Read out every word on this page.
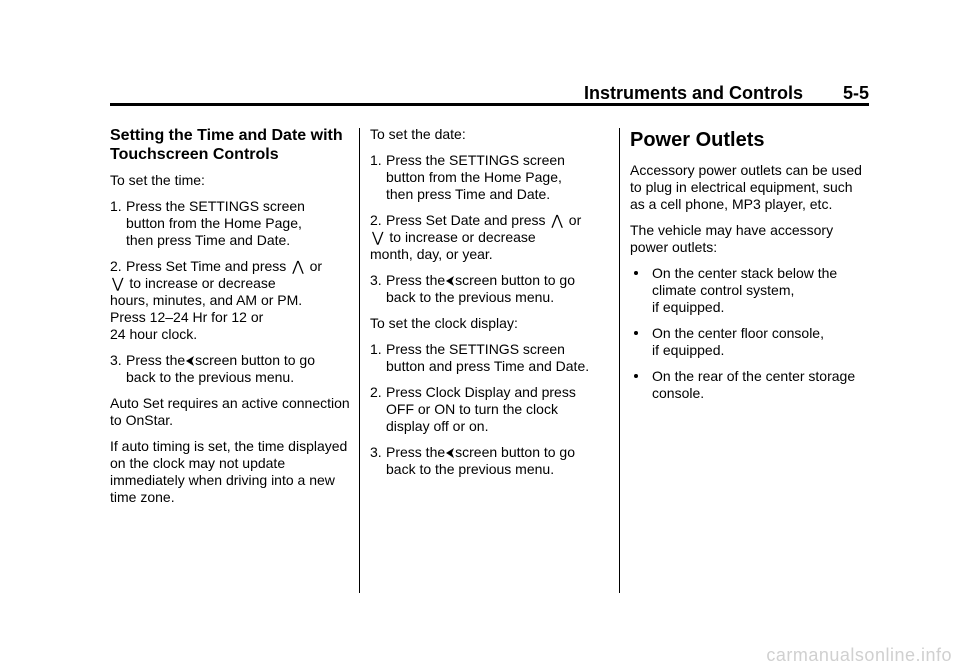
Instruments and Controls 5-5
Setting the Time and Date with
Touchscreen Controls

To set the time:

1. Press the SETTINGS screen
button from the Home Page,
then press Time and Date.
2. Press Set Time and press ⋀ or
⋁ to increase or decrease
hours, minutes, and AM or PM.
Press 12–24 Hr for 12 or
24 hour clock.
3. Press the screen button to go
back to the previous menu.

Auto Set requires an active connection to OnStar.

If auto timing is set, the time displayed on the clock may not update immediately when driving into a new time zone.

To set the date:

1. Press the SETTINGS screen
button from the Home Page,
then press Time and Date.
2. Press Set Date and press ⋀ or
⋁ to increase or decrease
month, day, or year.
3. Press the screen button to go
back to the previous menu.

To set the clock display:

1. Press the SETTINGS screen
button and press Time and Date.
2. Press Clock Display and press
OFF or ON to turn the clock
display off or on.
3. Press the screen button to go
back to the previous menu.
Power Outlets

Accessory power outlets can be used to plug in electrical equipment, such as a cell phone, MP3 player, etc.

The vehicle may have accessory power outlets:

On the center stack below the
climate control system,
if equipped.
On the center floor console,
if equipped.
On the rear of the center storage
console.
carmanualsonline.info
